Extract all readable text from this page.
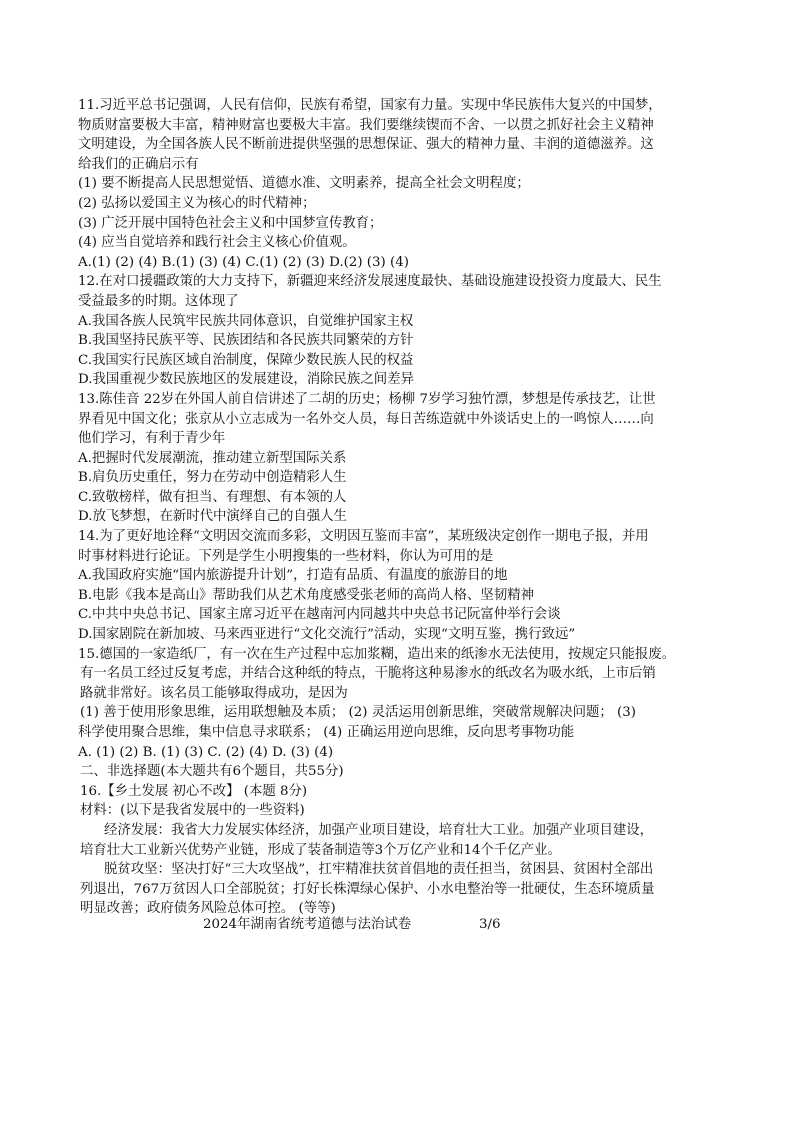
11.习近平总书记强调，人民有信仰，民族有希望，国家有力量。实现中华民族伟大复兴的中国梦，
物质财富要极大丰富，精神财富也要极大丰富。我们要继续锲而不舍、一以贯之抓好社会主义精神
文明建设，为全国各族人民不断前进提供坚强的思想保证、强大的精神力量、丰润的道德滋养。这
给我们的正确启示有
(1) 要不断提高人民思想觉悟、道德水准、文明素养，提高全社会文明程度；
(2) 弘扬以爱国主义为核心的时代精神；
(3) 广泛开展中国特色社会主义和中国梦宣传教育；
(4) 应当自觉培养和践行社会主义核心价值观。
A.(1) (2) (4) B.(1) (3) (4) C.(1) (2) (3) D.(2) (3) (4)
12.在对口援疆政策的大力支持下，新疆迎来经济发展速度最快、基础设施建设投资力度最大、民生
受益最多的时期。这体现了
A.我国各族人民筑牢民族共同体意识，自觉维护国家主权
B.我国坚持民族平等、民族团结和各民族共同繁荣的方针
C.我国实行民族区域自治制度，保障少数民族人民的权益
D.我国重视少数民族地区的发展建设，消除民族之间差异
13.陈佳音 22岁在外国人前自信讲述了二胡的历史；杨柳 7岁学习独竹漂，梦想是传承技艺，让世
界看见中国文化；张京从小立志成为一名外交人员，每日苦练造就中外谈话史上的一鸣惊人……向
他们学习，有利于青少年
A.把握时代发展潮流，推动建立新型国际关系
B.肩负历史重任，努力在劳动中创造精彩人生
C.致敬榜样，做有担当、有理想、有本领的人
D.放飞梦想，在新时代中演绎自己的自强人生
14.为了更好地诠释“文明因交流而多彩，文明因互鉴而丰富”，某班级决定创作一期电子报，并用
时事材料进行论证。下列是学生小明搜集的一些材料，你认为可用的是
A.我国政府实施“国内旅游提升计划”，打造有品质、有温度的旅游目的地
B.电影《我本是高山》帮助我们从艺术角度感受张老师的高尚人格、坚韧精神
C.中共中央总书记、国家主席习近平在越南河内同越共中央总书记阮富仲举行会谈
D.国家剧院在新加坡、马来西亚进行“文化交流行”活动，实现“文明互鉴，携行致远”
15.德国的一家造纸厂，有一次在生产过程中忘加浆糊，造出来的纸渗水无法使用，按规定只能报废。
有一名员工经过反复考虑，并结合这种纸的特点，干脆将这种易渗水的纸改名为吸水纸，上市后销
路就非常好。该名员工能够取得成功，是因为
(1) 善于使用形象思维，运用联想触及本质； (2) 灵活运用创新思维，突破常规解决问题； (3)
科学使用聚合思维，集中信息寻求联系； (4) 正确运用逆向思维，反向思考事物功能
A. (1) (2) B. (1) (3) C. (2) (4) D. (3) (4)
二、非选择题(本大题共有6个题目，共55分)
16.【乡土发展 初心不改】 (本题 8分)
材料：(以下是我省发展中的一些资料)
经济发展：我省大力发展实体经济，加强产业项目建设，培育壮大工业。加强产业项目建设，
培育壮大工业新兴优势产业链，形成了装备制造等3个万亿产业和14个千亿产业。
脱贫攻坚：坚决打好“三大攻坚战”，扛牢精准扶贫首倡地的责任担当，贫困县、贫困村全部出
列退出，767万贫因人口全部脱贫；打好长株潭绿心保护、小水电整治等一批硬仗，生态环境质量
明显改善；政府债务风险总体可控。 (等等)
2024年湖南省统考道德与法治试卷	3/6
